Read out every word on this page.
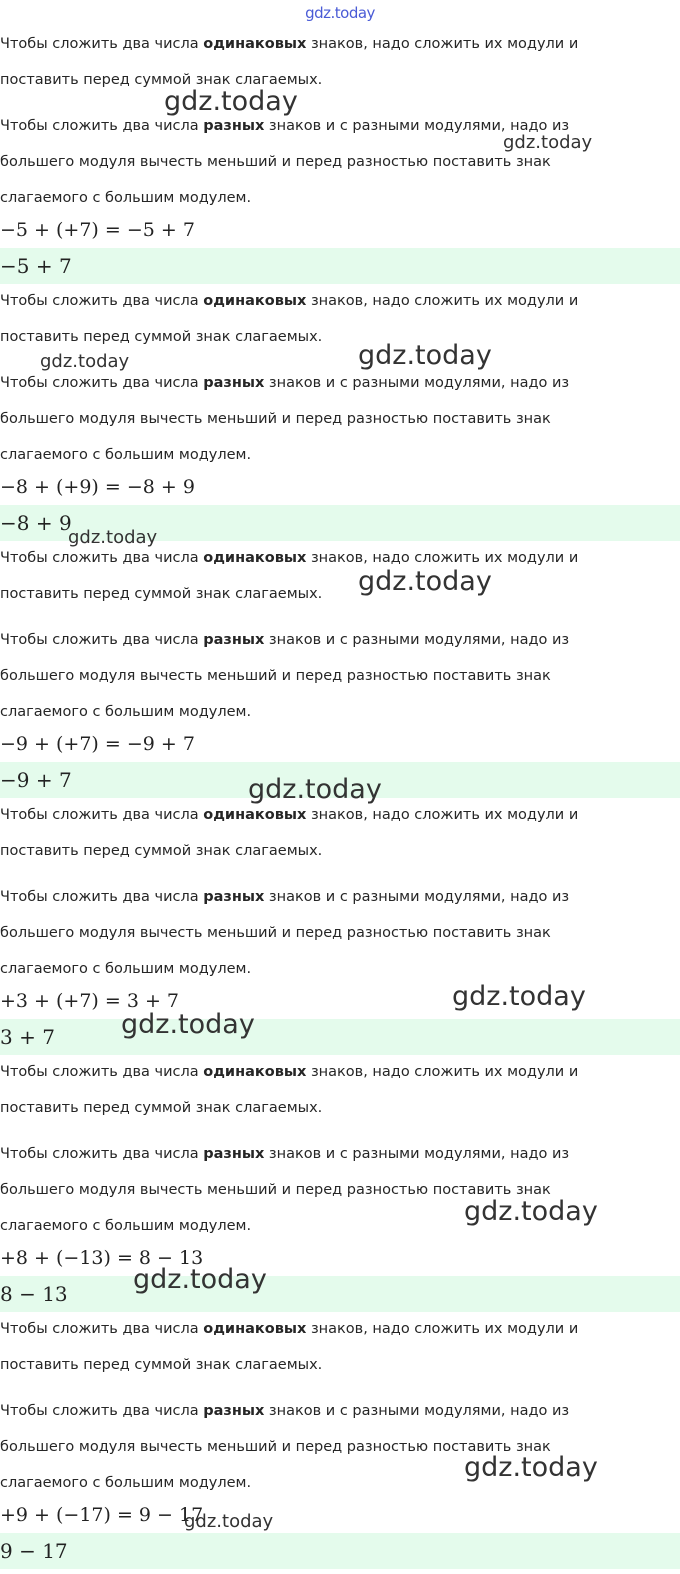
gdz.today
Чтобы сложить два числа одинаковых знаков, надо сложить их модули и
поставить перед суммой знак слагаемых.
Чтобы сложить два числа разных знаков и с разными модулями, надо из
большего модуля вычесть меньший и перед разностью поставить знак
слагаемого с большим модулем.
−5 + (+7) = −5 + 7
−5 + 7
Чтобы сложить два числа одинаковых знаков, надо сложить их модули и
поставить перед суммой знак слагаемых.
Чтобы сложить два числа разных знаков и с разными модулями, надо из
большего модуля вычесть меньший и перед разностью поставить знак
слагаемого с большим модулем.
−8 + (+9) = −8 + 9
−8 + 9
Чтобы сложить два числа одинаковых знаков, надо сложить их модули и
поставить перед суммой знак слагаемых.
Чтобы сложить два числа разных знаков и с разными модулями, надо из
большего модуля вычесть меньший и перед разностью поставить знак
слагаемого с большим модулем.
−9 + (+7) = −9 + 7
−9 + 7
Чтобы сложить два числа одинаковых знаков, надо сложить их модули и
поставить перед суммой знак слагаемых.
Чтобы сложить два числа разных знаков и с разными модулями, надо из
большего модуля вычесть меньший и перед разностью поставить знак
слагаемого с большим модулем.
+3 + (+7) = 3 + 7
3 + 7
Чтобы сложить два числа одинаковых знаков, надо сложить их модули и
поставить перед суммой знак слагаемых.
Чтобы сложить два числа разных знаков и с разными модулями, надо из
большего модуля вычесть меньший и перед разностью поставить знак
слагаемого с большим модулем.
+8 + (−13) = 8 − 13
8 − 13
Чтобы сложить два числа одинаковых знаков, надо сложить их модули и
поставить перед суммой знак слагаемых.
Чтобы сложить два числа разных знаков и с разными модулями, надо из
большего модуля вычесть меньший и перед разностью поставить знак
слагаемого с большим модулем.
+9 + (−17) = 9 − 17
9 − 17
gdz.today
gdz.today
gdz.today	gdz.today
gdz.today
gdz.today
gdz.today
gdz.today
gdz.today
gdz.today
gdz.today
gdz.today
gdz.today
